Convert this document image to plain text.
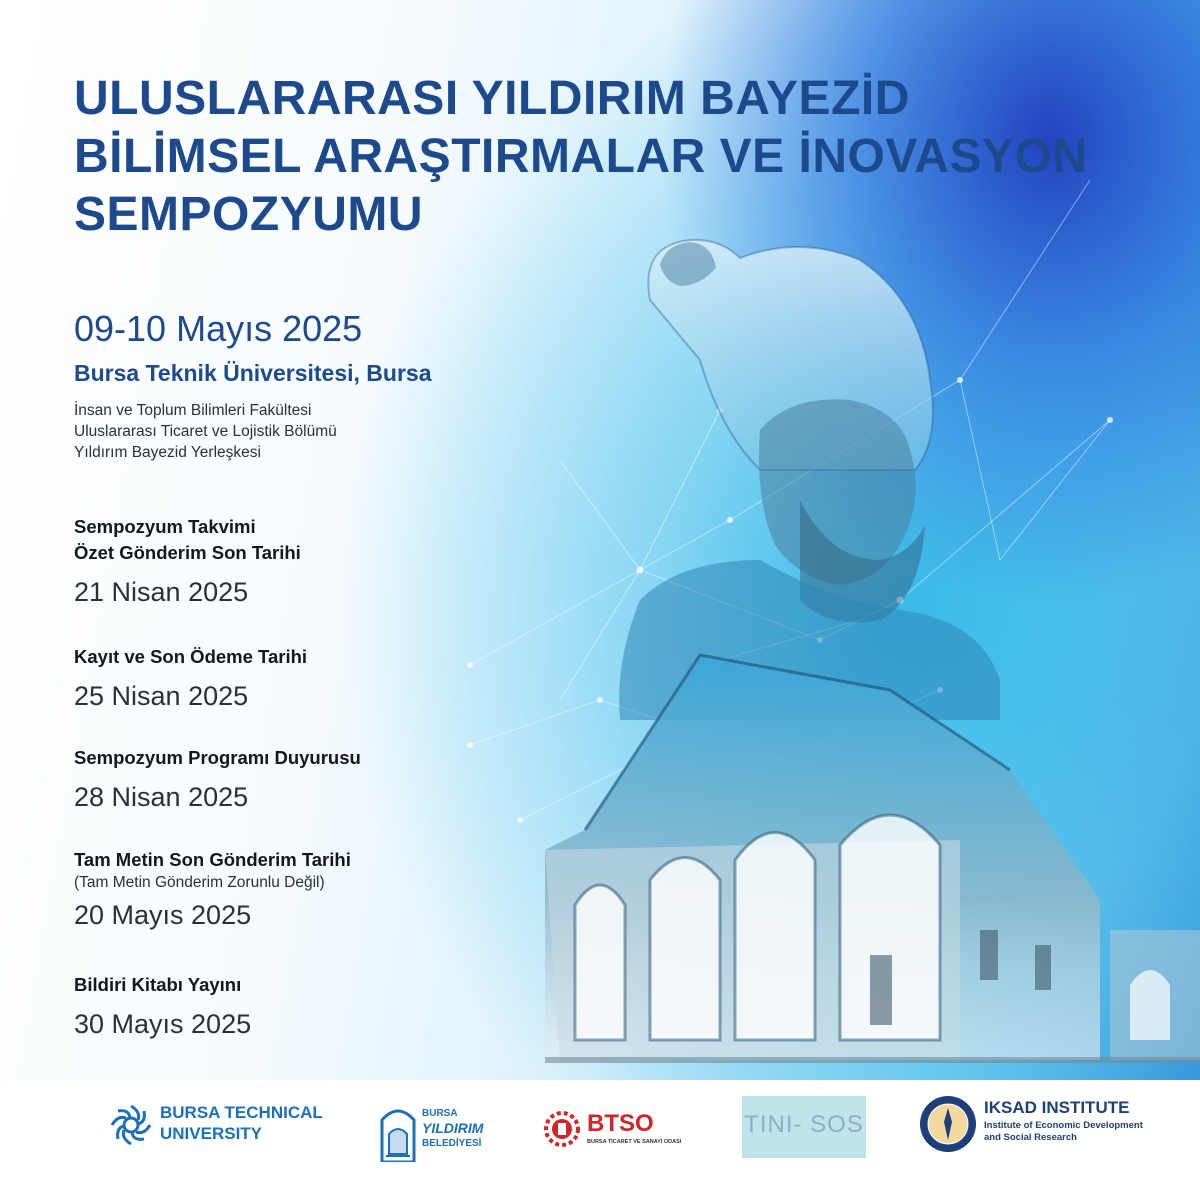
ULUSLARARASI YILDIRIM BAYEZİD
BİLİMSEL ARAŞTIRMALAR VE İNOVASYON
SEMPOZYUMU
09-10 Mayıs 2025
Bursa Teknik Üniversitesi, Bursa
İnsan ve Toplum Bilimleri Fakültesi
Uluslararası Ticaret ve Lojistik Bölümü
Yıldırım Bayezid Yerleşkesi
Sempozyum Takvimi
Özet Gönderim Son Tarihi
21 Nisan 2025
Kayıt ve Son Ödeme Tarihi
25 Nisan 2025
Sempozyum Programı Duyurusu
28 Nisan 2025
Tam Metin Son Gönderim Tarihi
(Tam Metin Gönderim Zorunlu Değil)
20 Mayıs 2025
Bildiri Kitabı Yayını
30 Mayıs 2025
BURSA TECHNICAL
UNIVERSITY
BURSA
YILDIRIM
BELEDİYESİ
BTSO
BURSA TİCARET VE SANAYİ ODASI
TINI- SOS
IKSAD INSTITUTE
Institute of Economic Development
and Social Research
